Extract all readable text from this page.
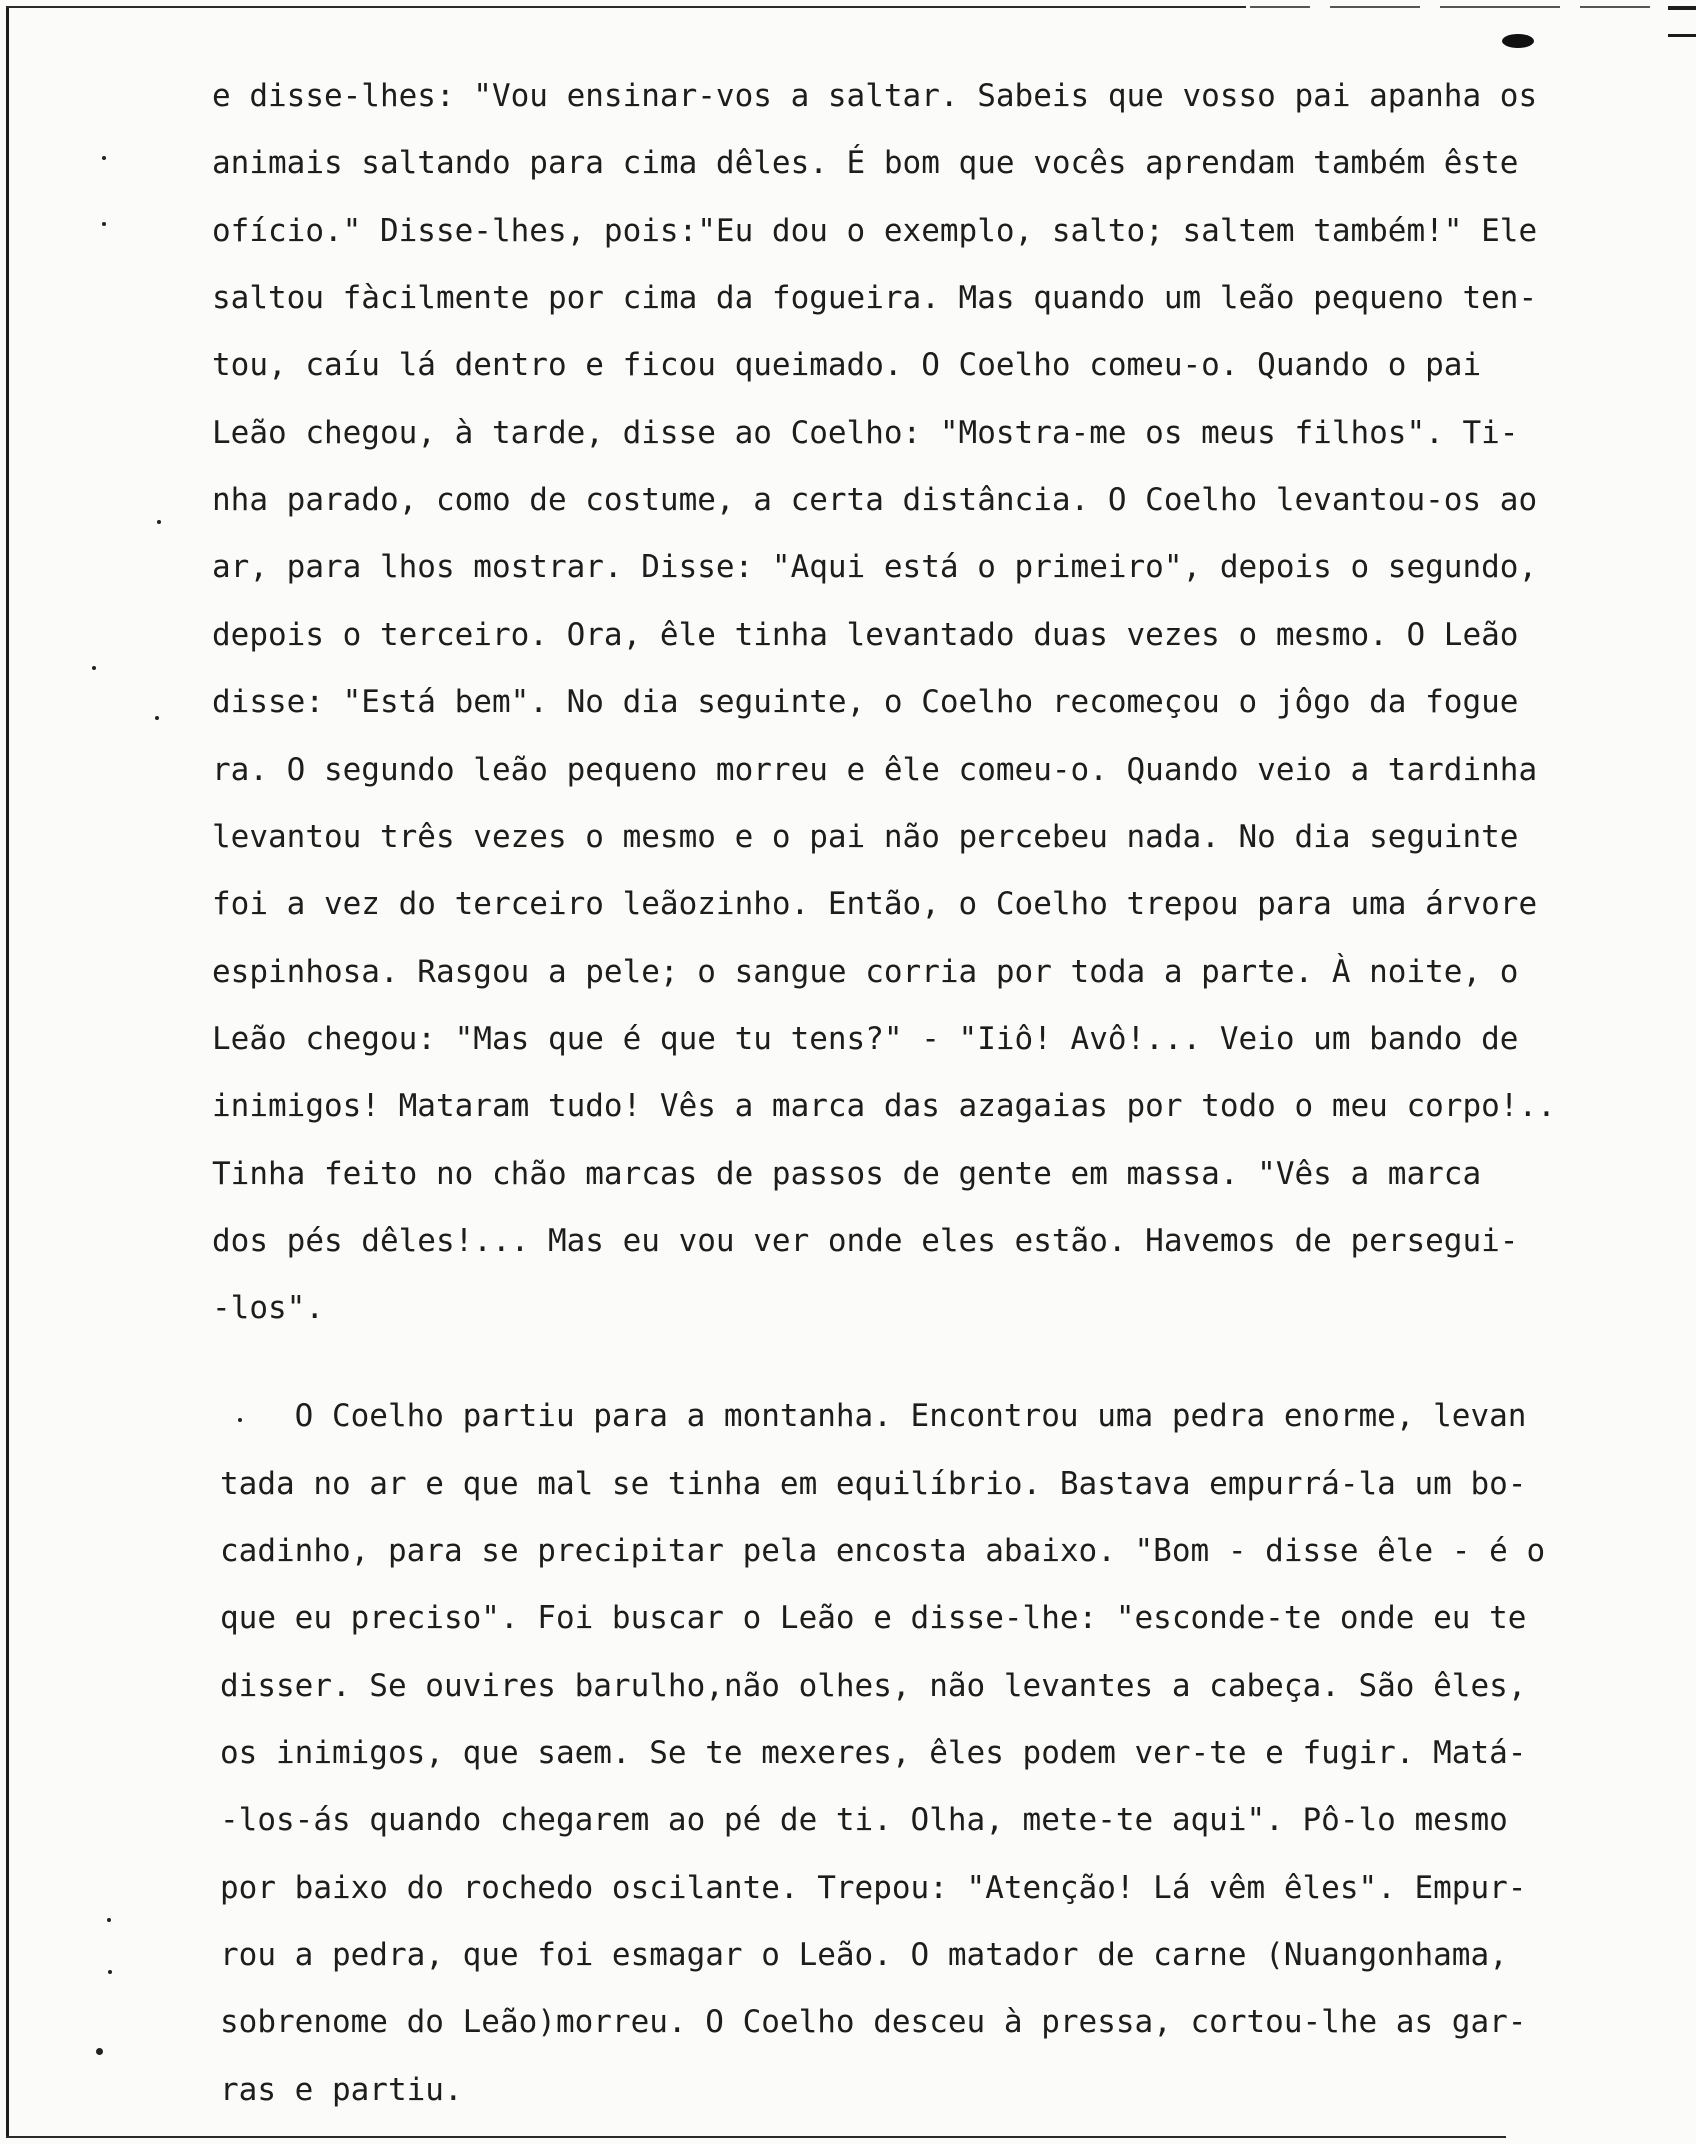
e disse-lhes: "Vou ensinar-vos a saltar. Sabeis que vosso pai apanha os
animais saltando para cima dêles. É bom que vocês aprendam também êste
ofício." Disse-lhes, pois:"Eu dou o exemplo, salto; saltem também!" Ele
saltou fàcilmente por cima da fogueira. Mas quando um leão pequeno ten-
tou, caíu lá dentro e ficou queimado. O Coelho comeu-o. Quando o pai
Leão chegou, à tarde, disse ao Coelho: "Mostra-me os meus filhos". Ti-
nha parado, como de costume, a certa distância. O Coelho levantou-os ao
ar, para lhos mostrar. Disse: "Aqui está o primeiro", depois o segundo,
depois o terceiro. Ora, êle tinha levantado duas vezes o mesmo. O Leão
disse: "Está bem". No dia seguinte, o Coelho recomeçou o jôgo da fogue
ra. O segundo leão pequeno morreu e êle comeu-o. Quando veio a tardinha
levantou três vezes o mesmo e o pai não percebeu nada. No dia seguinte
foi a vez do terceiro leãozinho. Então, o Coelho trepou para uma árvore
espinhosa. Rasgou a pele; o sangue corria por toda a parte. À noite, o
Leão chegou: "Mas que é que tu tens?" - "Iiô! Avô!... Veio um bando de
inimigos! Mataram tudo! Vês a marca das azagaias por todo o meu corpo!..
Tinha feito no chão marcas de passos de gente em massa. "Vês a marca
dos pés dêles!... Mas eu vou ver onde eles estão. Havemos de persegui-
-los".
O Coelho partiu para a montanha. Encontrou uma pedra enorme, levan
tada no ar e que mal se tinha em equilíbrio. Bastava empurrá-la um bo-
cadinho, para se precipitar pela encosta abaixo. "Bom - disse êle - é o
que eu preciso". Foi buscar o Leão e disse-lhe: "esconde-te onde eu te
disser. Se ouvires barulho,não olhes, não levantes a cabeça. São êles,
os inimigos, que saem. Se te mexeres, êles podem ver-te e fugir. Matá-
-los-ás quando chegarem ao pé de ti. Olha, mete-te aqui". Pô-lo mesmo
por baixo do rochedo oscilante. Trepou: "Atenção! Lá vêm êles". Empur-
rou a pedra, que foi esmagar o Leão. O matador de carne (Nuangonhama,
sobrenome do Leão)morreu. O Coelho desceu à pressa, cortou-lhe as gar-
ras e partiu.
